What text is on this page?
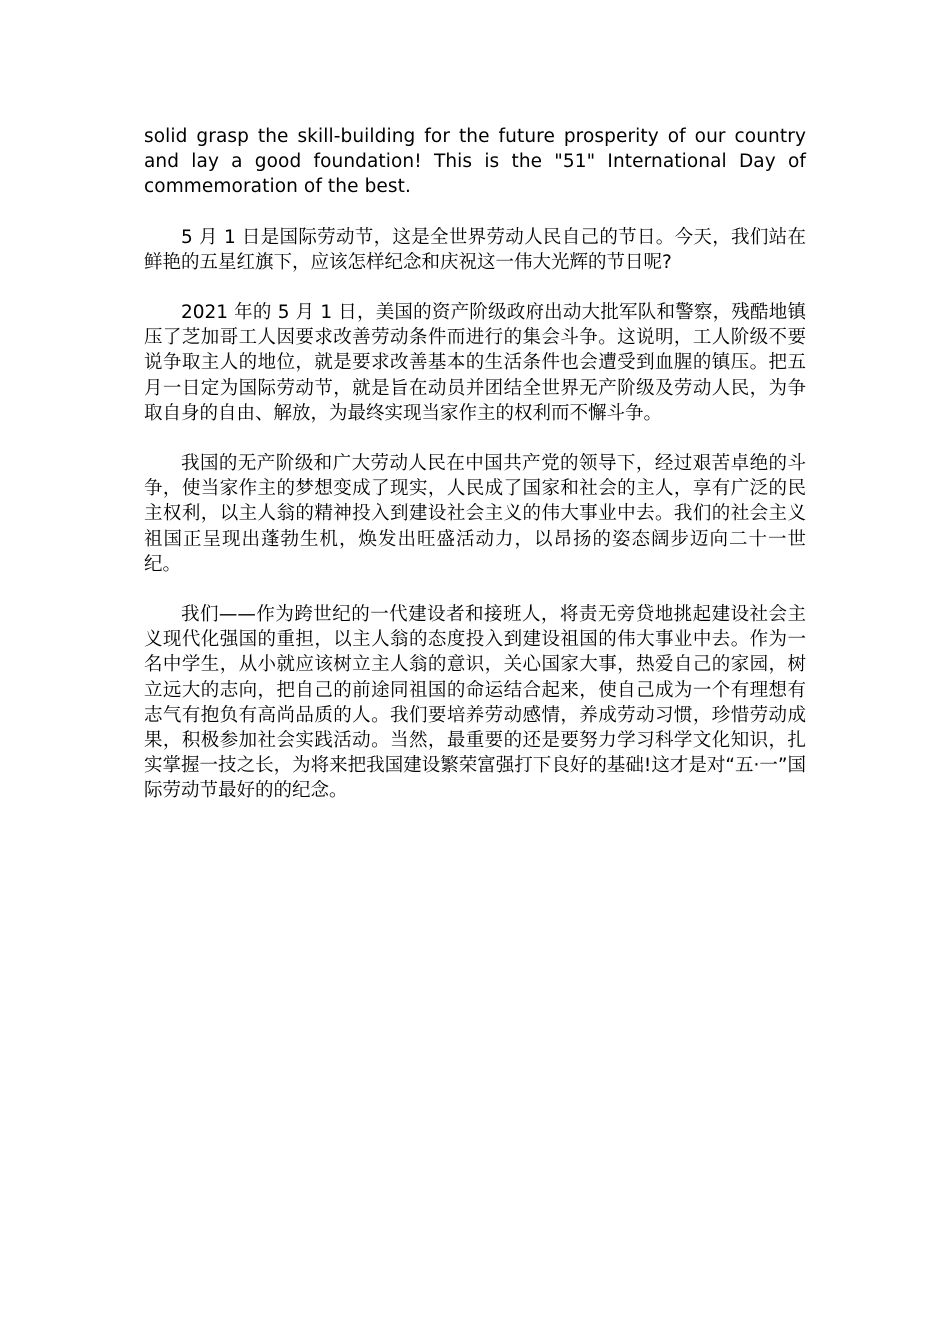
solid grasp the skill-building for the future prosperity of our country and lay a good foundation! This is the "51" International Day of commemoration of the best.

5 月 1 日是国际劳动节，这是全世界劳动人民自己的节日。今天，我们站在鲜艳的五星红旗下，应该怎样纪念和庆祝这一伟大光辉的节日呢?

2021 年的 5 月 1 日，美国的资产阶级政府出动大批军队和警察，残酷地镇压了芝加哥工人因要求改善劳动条件而进行的集会斗争。这说明，工人阶级不要说争取主人的地位，就是要求改善基本的生活条件也会遭受到血腥的镇压。把五月一日定为国际劳动节，就是旨在动员并团结全世界无产阶级及劳动人民，为争取自身的自由、解放，为最终实现当家作主的权利而不懈斗争。

我国的无产阶级和广大劳动人民在中国共产党的领导下，经过艰苦卓绝的斗争，使当家作主的梦想变成了现实，人民成了国家和社会的主人，享有广泛的民主权利，以主人翁的精神投入到建设社会主义的伟大事业中去。我们的社会主义祖国正呈现出蓬勃生机，焕发出旺盛活动力，以昂扬的姿态阔步迈向二十一世纪。

我们——作为跨世纪的一代建设者和接班人，将责无旁贷地挑起建设社会主义现代化强国的重担，以主人翁的态度投入到建设祖国的伟大事业中去。作为一名中学生，从小就应该树立主人翁的意识，关心国家大事，热爱自己的家园，树立远大的志向，把自己的前途同祖国的命运结合起来，使自己成为一个有理想有志气有抱负有高尚品质的人。我们要培养劳动感情，养成劳动习惯，珍惜劳动成果，积极参加社会实践活动。当然，最重要的还是要努力学习科学文化知识，扎实掌握一技之长，为将来把我国建设繁荣富强打下良好的基础!这才是对“五·一”国际劳动节最好的的纪念。
